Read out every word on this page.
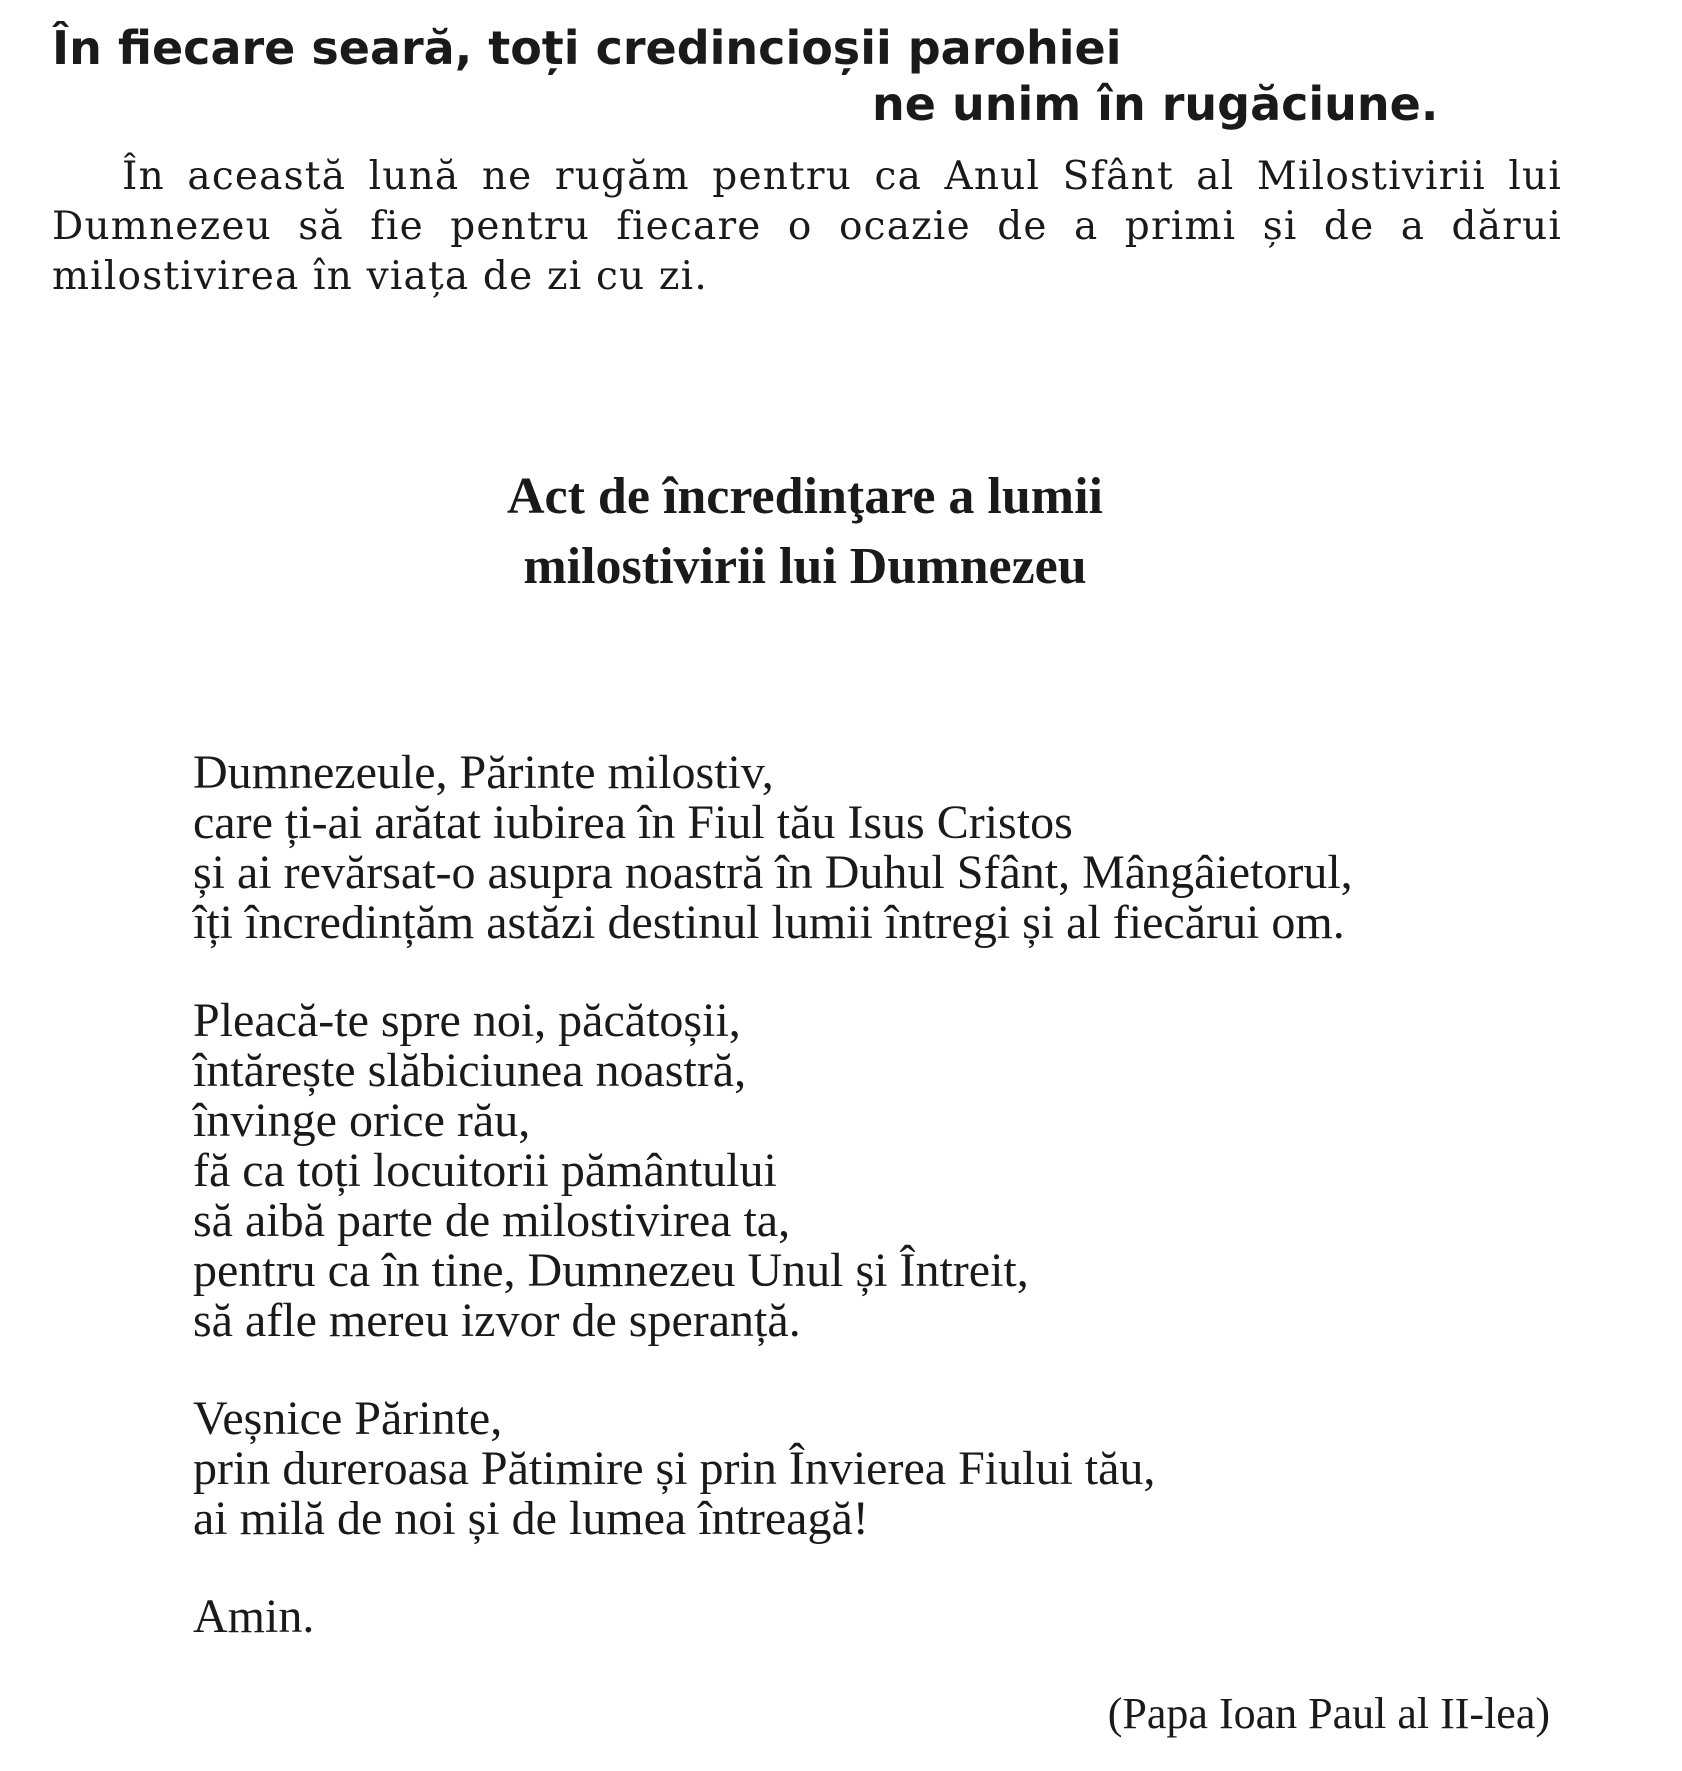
În fiecare seară, toți credincioșii parohiei
ne unim în rugăciune.

În această lună ne rugăm pentru ca Anul Sfânt al Milostivirii lui Dumnezeu să fie pentru fiecare o ocazie de a primi și de a dărui milostivirea în viața de zi cu zi.

Act de încredinţare a lumii
milostivirii lui Dumnezeu
Dumnezeule, Părinte milostiv,
care ți-ai arătat iubirea în Fiul tău Isus Cristos
și ai revărsat-o asupra noastră în Duhul Sfânt, Mângâietorul,
îți încredințăm astăzi destinul lumii întregi și al fiecărui om.
Pleacă-te spre noi, păcătoșii,
întărește slăbiciunea noastră,
învinge orice rău,
fă ca toți locuitorii pământului
să aibă parte de milostivirea ta,
pentru ca în tine, Dumnezeu Unul și Întreit,
să afle mereu izvor de speranță.
Veșnice Părinte,
prin dureroasa Pătimire și prin Învierea Fiului tău,
ai milă de noi și de lumea întreagă!
Amin.

(Papa Ioan Paul al II-lea)
